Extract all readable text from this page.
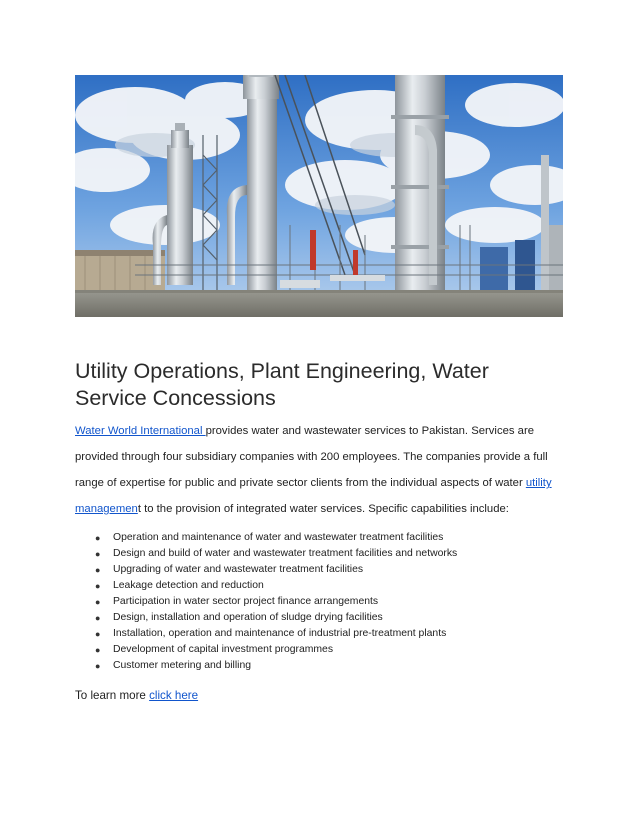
Utility Operations, Plant Engineering, Water Service Concessions

Water World International provides water and wastewater services to Pakistan. Services are
provided through four subsidiary companies with 200 employees. The companies provide a full
range of expertise for public and private sector clients from the individual aspects of water utility
management to the provision of integrated water services. Specific capabilities include:

● Operation and maintenance of water and wastewater treatment facilities
● Design and build of water and wastewater treatment facilities and networks
● Upgrading of water and wastewater treatment facilities
● Leakage detection and reduction
● Participation in water sector project finance arrangements
● Design, installation and operation of sludge drying facilities
● Installation, operation and maintenance of industrial pre-treatment plants
● Development of capital investment programmes
● Customer metering and billing

To learn more click here
